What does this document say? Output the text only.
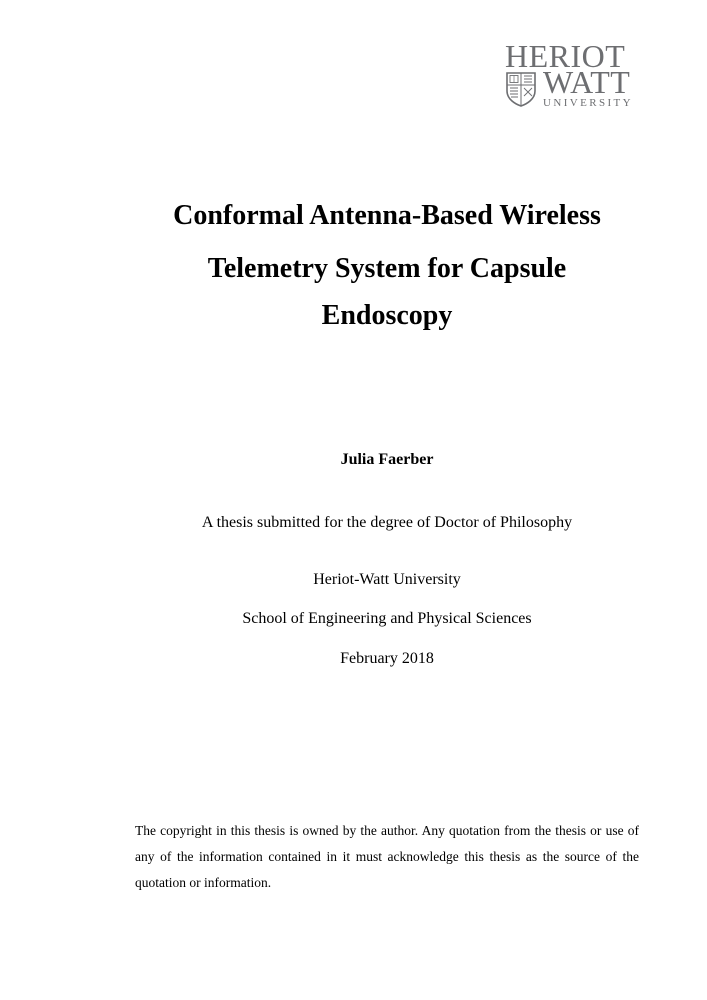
HERIOT
WATT
UNIVERSITY
Conformal Antenna-Based Wireless
Telemetry System for Capsule
Endoscopy
Julia Faerber
A thesis submitted for the degree of Doctor of Philosophy
Heriot-Watt University
School of Engineering and Physical Sciences
February 2018
The copyright in this thesis is owned by the author. Any quotation from the thesis or use of any of the information contained in it must acknowledge this thesis as the source of the quotation or information.
